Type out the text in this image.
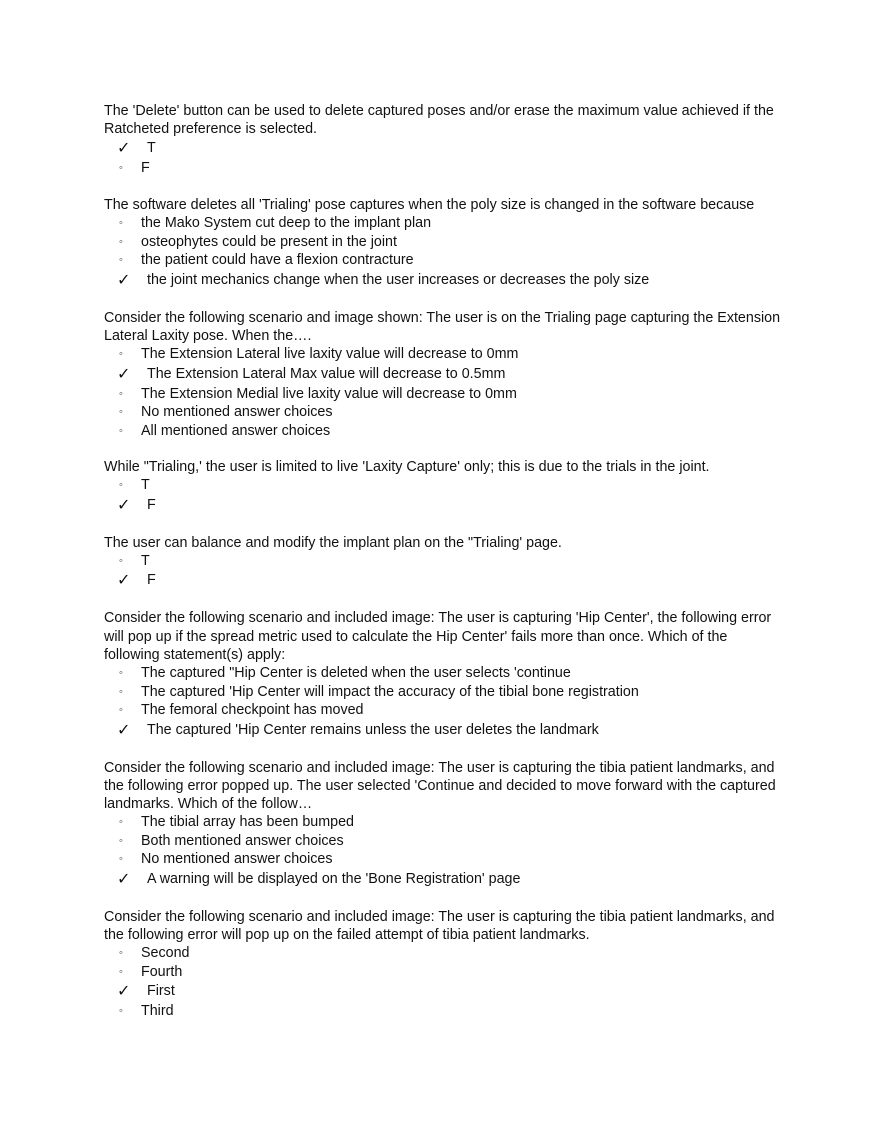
The 'Delete' button can be used to delete captured poses and/or erase the maximum value achieved if the Ratcheted preference is selected.
✓ T
◦ F
The software deletes all 'Trialing' pose captures when the poly size is changed in the software because
◦ the Mako System cut deep to the implant plan
◦ osteophytes could be present in the joint
◦ the patient could have a flexion contracture
✓ the joint mechanics change when the user increases or decreases the poly size
Consider the following scenario and image shown: The user is on the Trialing page capturing the Extension Lateral Laxity pose. When the….
◦ The Extension Lateral live laxity value will decrease to 0mm
✓ The Extension Lateral Max value will decrease to 0.5mm
◦ The Extension Medial live laxity value will decrease to 0mm
◦ No mentioned answer choices
◦ All mentioned answer choices
While "Trialing,' the user is limited to live 'Laxity Capture' only; this is due to the trials in the joint.
◦ T
✓ F
The user can balance and modify the implant plan on the "Trialing' page.
◦ T
✓ F
Consider the following scenario and included image: The user is capturing 'Hip Center', the following error will pop up if the spread metric used to calculate the Hip Center' fails more than once. Which of the following statement(s) apply:
◦ The captured "Hip Center is deleted when the user selects 'continue
◦ The captured 'Hip Center will impact the accuracy of the tibial bone registration
◦ The femoral checkpoint has moved
✓ The captured 'Hip Center remains unless the user deletes the landmark
Consider the following scenario and included image: The user is capturing the tibia patient landmarks, and the following error popped up. The user selected 'Continue and decided to move forward with the captured landmarks. Which of the follow…
◦ The tibial array has been bumped
◦ Both mentioned answer choices
◦ No mentioned answer choices
✓ A warning will be displayed on the 'Bone Registration' page
Consider the following scenario and included image: The user is capturing the tibia patient landmarks, and the following error will pop up on the failed attempt of tibia patient landmarks.
◦ Second
◦ Fourth
✓ First
◦ Third
